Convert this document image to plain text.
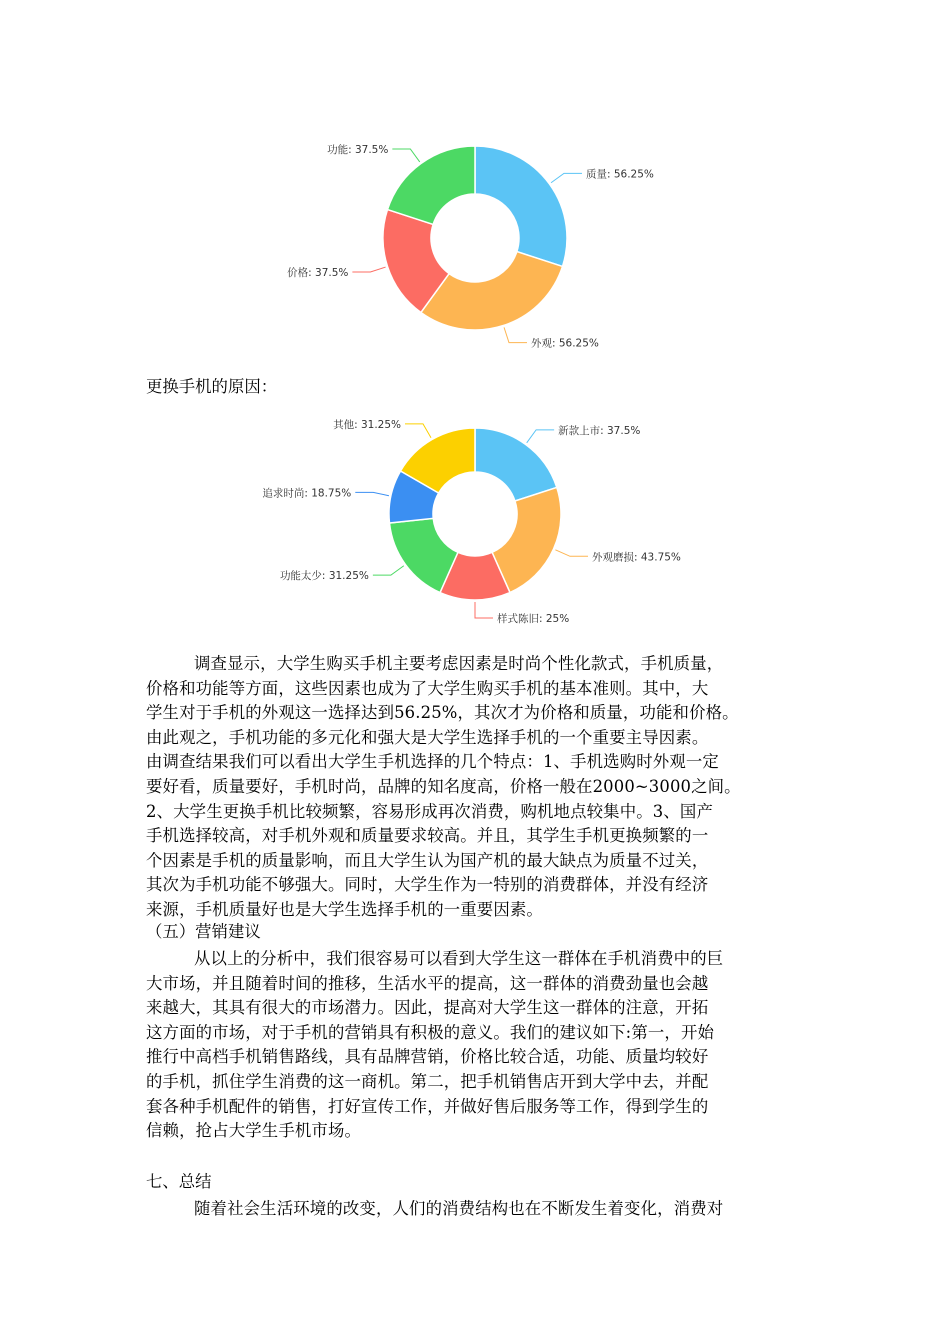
质量: 56.25%
外观: 56.25%
价格: 37.5%
功能: 37.5%
更换手机的原因：
新款上市: 37.5%
外观磨损: 43.75%
样式陈旧: 25%
功能太少: 31.25%
追求时尚: 18.75%
其他: 31.25%
调查显示，大学生购买手机主要考虑因素是时尚个性化款式，手机质量，
价格和功能等方面，这些因素也成为了大学生购买手机的基本准则。其中，大
学生对于手机的外观这一选择达到56.25%，其次才为价格和质量，功能和价格。
由此观之，手机功能的多元化和强大是大学生选择手机的一个重要主导因素。
由调查结果我们可以看出大学生手机选择的几个特点：1、手机选购时外观一定
要好看，质量要好，手机时尚，品牌的知名度高，价格一般在2000~3000之间。
2、大学生更换手机比较频繁，容易形成再次消费，购机地点较集中。3、国产
手机选择较高，对手机外观和质量要求较高。并且，其学生手机更换频繁的一
个因素是手机的质量影响，而且大学生认为国产机的最大缺点为质量不过关，
其次为手机功能不够强大。同时，大学生作为一特别的消费群体，并没有经济
来源，手机质量好也是大学生选择手机的一重要因素。
（五）营销建议
从以上的分析中，我们很容易可以看到大学生这一群体在手机消费中的巨
大市场，并且随着时间的推移，生活水平的提高，这一群体的消费劲量也会越
来越大，其具有很大的市场潜力。因此，提高对大学生这一群体的注意，开拓
这方面的市场，对于手机的营销具有积极的意义。我们的建议如下:第一，开始
推行中高档手机销售路线，具有品牌营销，价格比较合适，功能、质量均较好
的手机，抓住学生消费的这一商机。第二，把手机销售店开到大学中去，并配
套各种手机配件的销售，打好宣传工作，并做好售后服务等工作，得到学生的
信赖，抢占大学生手机市场。
七、总结
随着社会生活环境的改变，人们的消费结构也在不断发生着变化，消费对
